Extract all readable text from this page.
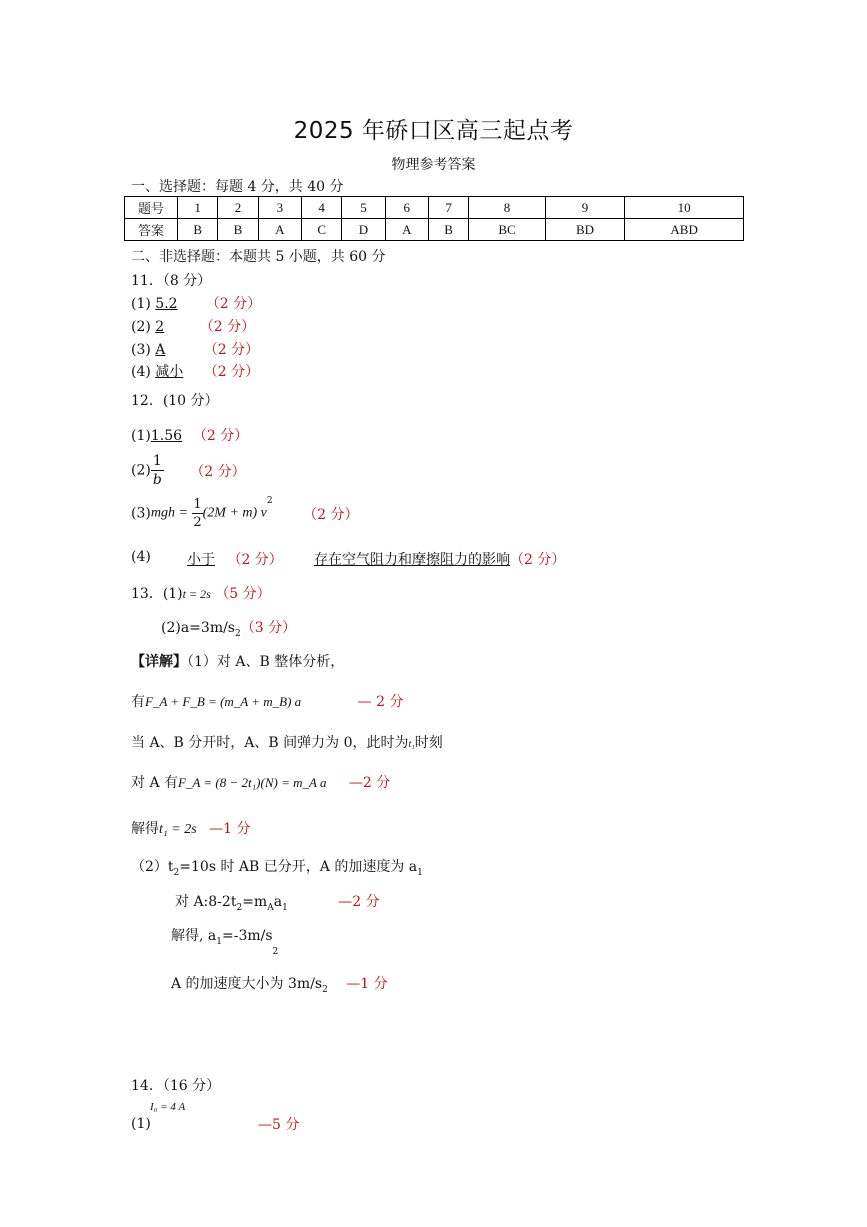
2025 年硚口区高三起点考
物理参考答案
一、选择题：每题 4 分，共 40 分
题号	1	2	3	4	5	6	7	8	9	10
答案	B	B	A	C	D	A	B	BC	BD	ABD
二、非选择题：本题共 5 小题，共 60 分
11．（8 分）
(1) 5.2 （2 分）
(2) 2	（2 分）
(3) A	（2 分）
(4) 减小 （2 分）
12．(10 分）
(1)1.56 （2 分）
$(2) \frac{1}{b} (2$ 分）
$(3)mgh = \frac{1}{2} (2M + m)$ $v^2$ （2 分）
(4)	小于 （2 分） 存在空气阻力和摩擦阻力的影响（2 分）
13．(1)t = 2s （5 分）
$(2)a=3m/s_2(3$ 分）
【详解】（1）对 A、B 整体分析，
有F_A + F_B = (m_A + m_B) a	— 2 分
当 A、B 分开时，A、B 间弹力为 0，此时为t₁时刻
对 A 有F_A = (8 − 2t₁)(N) = m_A a —2 分
解得t₁ = 2s —1 分
$(2)t_2=10s$ 时 AB 已分开，A 的加速度为 $a_1$
对 $A:8-2t_2=m_Aa_1$	—2 分
解得, $a_1=-3m/s_2$
A 的加速度大小为 $3m/s_2$ —1 分
14．（16 分）
I₀ = 4 A
(1)	—5 分
